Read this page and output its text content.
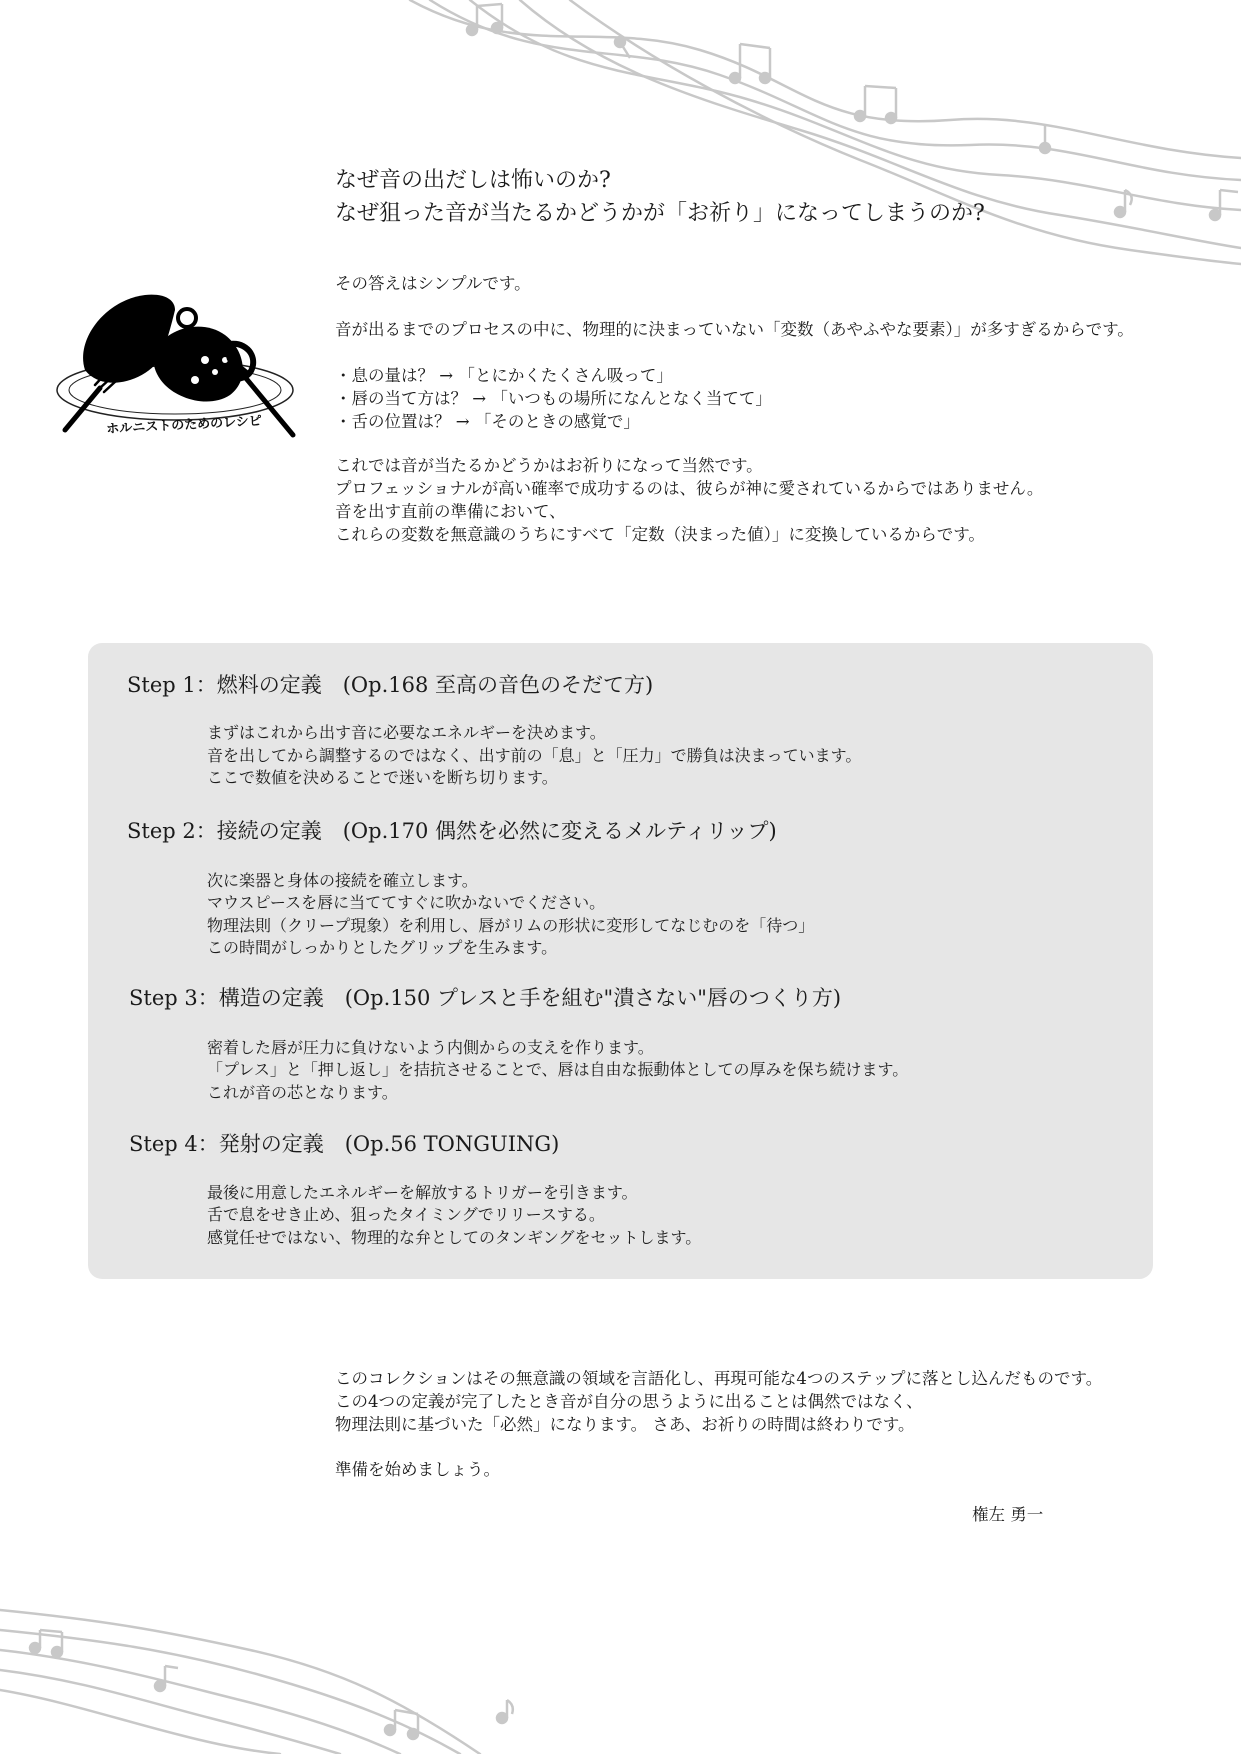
ホルニストのためのレシピ
なぜ音の出だしは怖いのか?
なぜ狙った音が当たるかどうかが「お祈り」になってしまうのか?
その答えはシンプルです。
音が出るまでのプロセスの中に、物理的に決まっていない「変数（あやふやな要素）」が多すぎるからです。
・息の量は？ → 「とにかくたくさん吸って」
・唇の当て方は？ → 「いつもの場所になんとなく当てて」
・舌の位置は？ → 「そのときの感覚で」
これでは音が当たるかどうかはお祈りになって当然です。
プロフェッショナルが高い確率で成功するのは、彼らが神に愛されているからではありません。
音を出す直前の準備において、
これらの変数を無意識のうちにすべて「定数（決まった値）」に変換しているからです。
Step 1：燃料の定義　(Op.168 至高の音色のそだて方)
まずはこれから出す音に必要なエネルギーを決めます。
音を出してから調整するのではなく、出す前の「息」と「圧力」で勝負は決まっています。
ここで数値を決めることで迷いを断ち切ります。
Step 2：接続の定義　(Op.170 偶然を必然に変えるメルティリップ)
次に楽器と身体の接続を確立します。
マウスピースを唇に当ててすぐに吹かないでください。
物理法則（クリープ現象）を利用し、唇がリムの形状に変形してなじむのを「待つ」
この時間がしっかりとしたグリップを生みます。
Step 3：構造の定義　(Op.150 プレスと手を組む"潰さない"唇のつくり方)
密着した唇が圧力に負けないよう内側からの支えを作ります。
「プレス」と「押し返し」を拮抗させることで、唇は自由な振動体としての厚みを保ち続けます。
これが音の芯となります。
Step 4：発射の定義　(Op.56 TONGUING)
最後に用意したエネルギーを解放するトリガーを引きます。
舌で息をせき止め、狙ったタイミングでリリースする。
感覚任せではない、物理的な弁としてのタンギングをセットします。
このコレクションはその無意識の領域を言語化し、再現可能な4つのステップに落とし込んだものです。
この4つの定義が完了したとき音が自分の思うように出ることは偶然ではなく、
物理法則に基づいた「必然」になります。 さあ、お祈りの時間は終わりです。
準備を始めましょう。
権左 勇一
